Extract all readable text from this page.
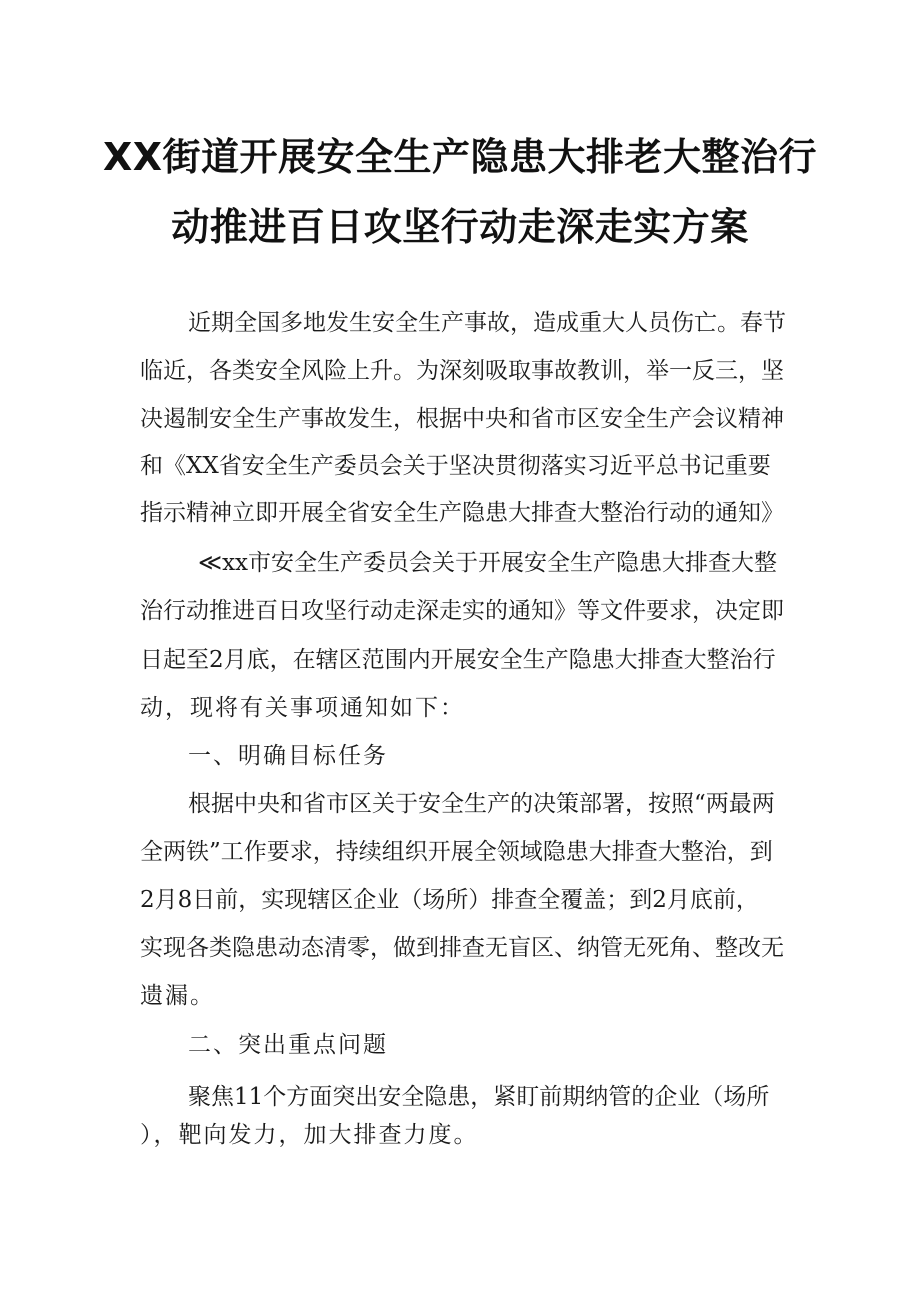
XX街道开展安全生产隐患大排老大整治行
动推进百日攻坚行动走深走实方案
近期全国多地发生安全生产事故，造成重大人员伤亡。春节
临近，各类安全风险上升。为深刻吸取事故教训，举一反三，坚
决遏制安全生产事故发生，根据中央和省市区安全生产会议精神
和《XX省安全生产委员会关于坚决贯彻落实习近平总书记重要
指示精神立即开展全省安全生产隐患大排查大整治行动的通知》
≪xx市安全生产委员会关于开展安全生产隐患大排查大整
治行动推进百日攻坚行动走深走实的通知》等文件要求，决定即
日起至2月底，在辖区范围内开展安全生产隐患大排查大整治行
动，现将有关事项通知如下：
一、明确目标任务
根据中央和省市区关于安全生产的决策部署，按照“两最两
全两铁”工作要求，持续组织开展全领域隐患大排查大整治，到
2月8日前，实现辖区企业（场所）排查全覆盖；到2月底前，
实现各类隐患动态清零，做到排查无盲区、纳管无死角、整改无
遗漏。
二、突出重点问题
聚焦11个方面突出安全隐患，紧盯前期纳管的企业（场所
），靶向发力，加大排查力度。
